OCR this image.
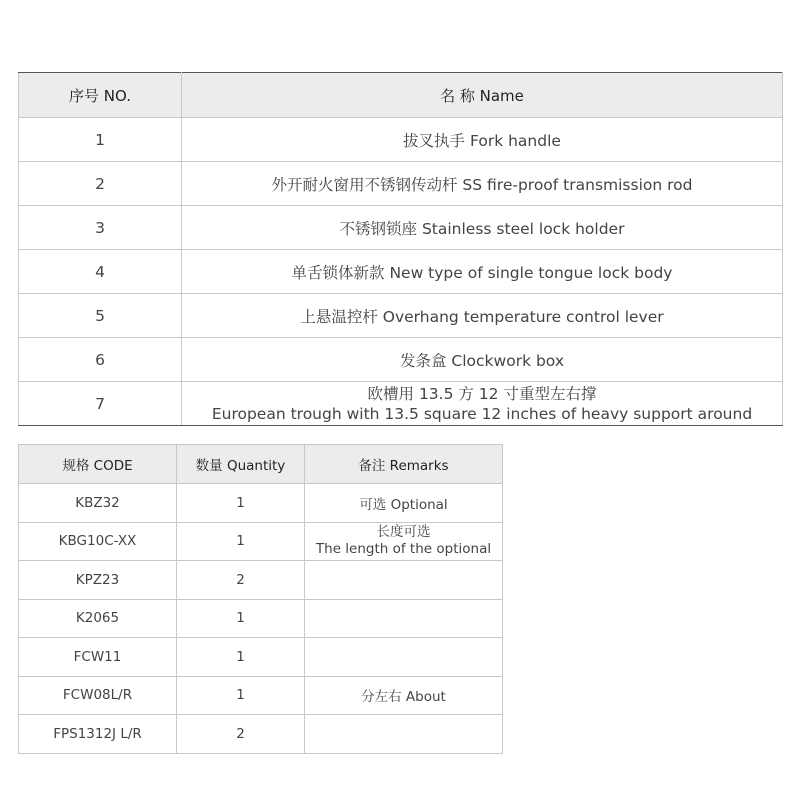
序号 NO.	名 称 Name
1	拔叉执手 Fork handle
2	外开耐火窗用不锈钢传动杆 SS fire-proof transmission rod
3	不锈钢锁座 Stainless steel lock holder
4	单舌锁体新款 New type of single tongue lock body
5	上悬温控杆 Overhang temperature control lever
6	发条盒 Clockwork box
7	欧槽用 13.5 方 12 寸重型左右撑
European trough with 13.5 square 12 inches of heavy support around
规格 CODE	数量 Quantity	备注 Remarks
KBZ32	1	可选 Optional
KBG10C-XX	1	长度可选
The length of the optional

KPZ23	2	
K2065	1	
FCW11	1	
FCW08L/R	1	分左右 About
FPS1312J L/R	2	
